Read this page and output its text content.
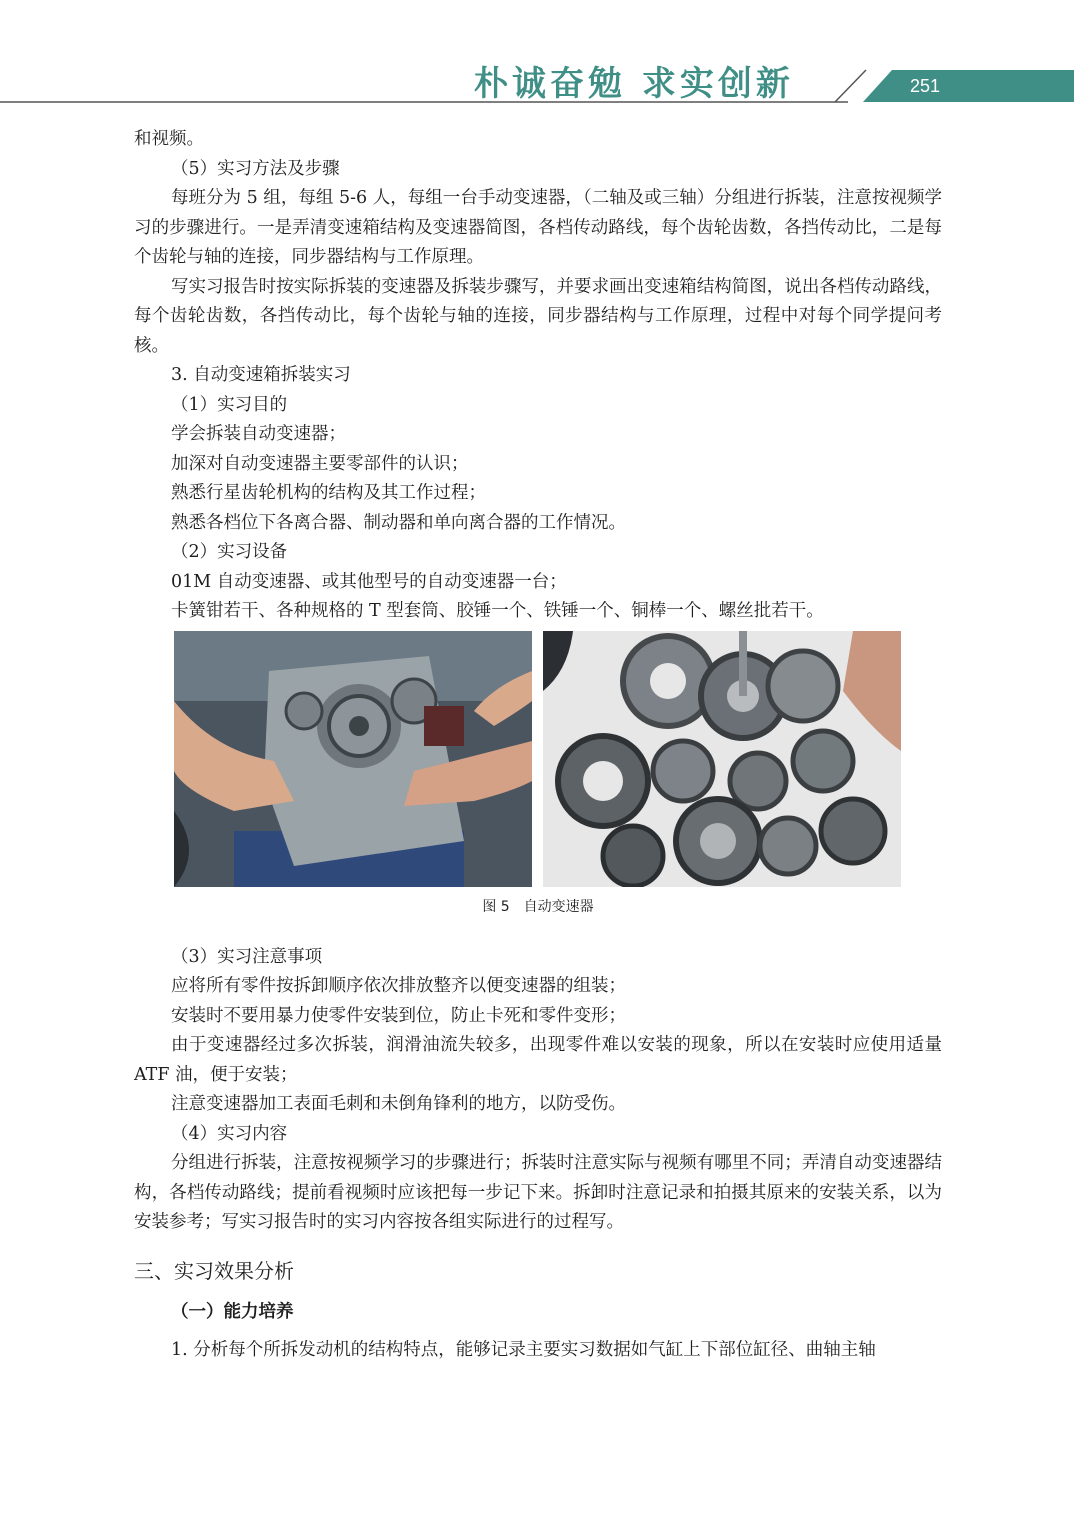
朴诚奋勉 求实创新	251

和视频。

（5）实习方法及步骤

每班分为 5 组，每组 5-6 人，每组一台手动变速器，（二轴及或三轴）分组进行拆装，注意按视频学习的步骤进行。一是弄清变速箱结构及变速器简图，各档传动路线，每个齿轮齿数，各挡传动比，二是每个齿轮与轴的连接，同步器结构与工作原理。

写实习报告时按实际拆装的变速器及拆装步骤写，并要求画出变速箱结构简图，说出各档传动路线，每个齿轮齿数，各挡传动比，每个齿轮与轴的连接，同步器结构与工作原理，过程中对每个同学提问考核。

3. 自动变速箱拆装实习

（1）实习目的

学会拆装自动变速器；

加深对自动变速器主要零部件的认识；

熟悉行星齿轮机构的结构及其工作过程；

熟悉各档位下各离合器、制动器和单向离合器的工作情况。

（2）实习设备

01M 自动变速器、或其他型号的自动变速器一台；

卡簧钳若干、各种规格的 T 型套筒、胶锤一个、铁锤一个、铜棒一个、螺丝批若干。

图 5　自动变速器

（3）实习注意事项

应将所有零件按拆卸顺序依次排放整齐以便变速器的组装；

安装时不要用暴力使零件安装到位，防止卡死和零件变形；

由于变速器经过多次拆装，润滑油流失较多，出现零件难以安装的现象，所以在安装时应使用适量 ATF 油，便于安装；

注意变速器加工表面毛刺和未倒角锋利的地方，以防受伤。

（4）实习内容

分组进行拆装，注意按视频学习的步骤进行；拆装时注意实际与视频有哪里不同；弄清自动变速器结构，各档传动路线；提前看视频时应该把每一步记下来。拆卸时注意记录和拍摄其原来的安装关系，以为安装参考；写实习报告时的实习内容按各组实际进行的过程写。

三、实习效果分析
（一）能力培养

1. 分析每个所拆发动机的结构特点，能够记录主要实习数据如气缸上下部位缸径、曲轴主轴
